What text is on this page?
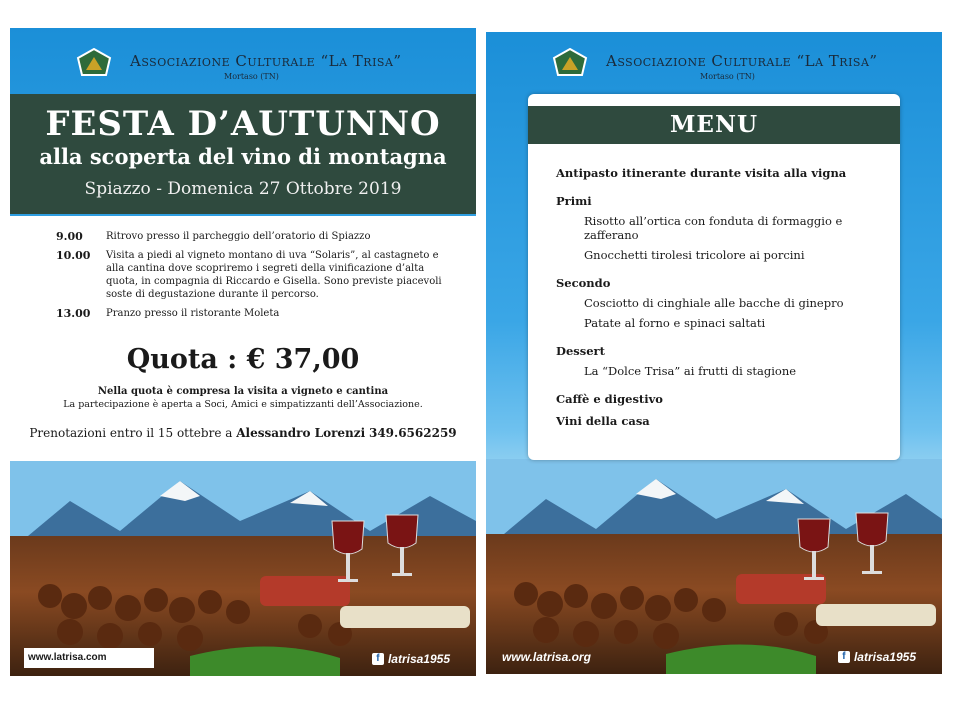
Associazione Culturale “La Trisa”
Mortaso (TN)
FESTA D’AUTUNNO
alla scoperta del vino di montagna
Spiazzo - Domenica 27 Ottobre 2019
9.00	Ritrovo presso il parcheggio dell’oratorio di Spiazzo
10.00	Visita a piedi al vigneto montano di uva “Solaris”, al castagneto e alla cantina dove scopriremo i segreti della vinificazione d’alta quota, in compagnia di Riccardo e Gisella. Sono previste piacevoli soste di degustazione durante il percorso.
13.00	Pranzo presso il ristorante Moleta
Quota : € 37,00
Nella quota è compresa la visita a vigneto e cantina
La partecipazione è aperta a Soci, Amici e simpatizzanti dell’Associazione.
Prenotazioni entro il 15 ottebre a Alessandro Lorenzi 349.6562259
www.latrisa.com	f latrisa1955
Associazione Culturale “La Trisa”
Mortaso (TN)
www.latrisa.org	f latrisa1955
MENU
Antipasto itinerante durante visita alla vigna
Primi
Risotto all’ortica con fonduta di formaggio e zafferano
Gnocchetti tirolesi tricolore ai porcini
Secondo
Cosciotto di cinghiale alle bacche di ginepro
Patate al forno e spinaci saltati
Dessert
La “Dolce Trisa” ai frutti di stagione
Caffè e digestivo
Vini della casa
